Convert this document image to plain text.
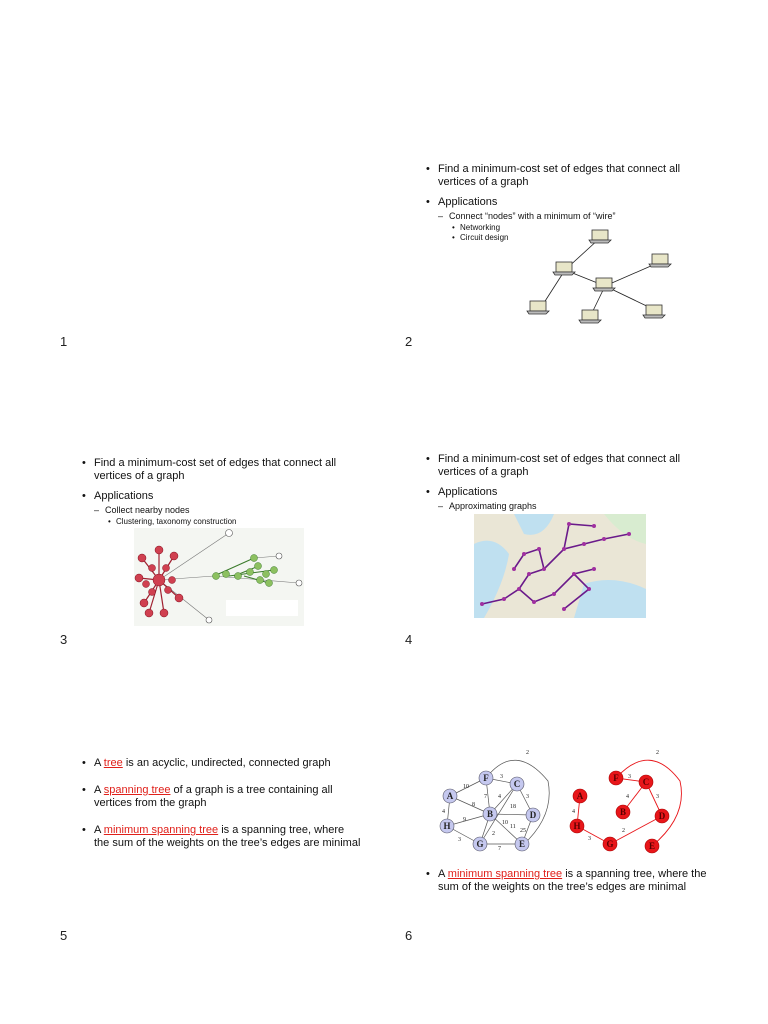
1
• Find a minimum-cost set of edges that connect all vertices of a graph
• Applications
– Connect “nodes” with a minimum of “wire”
• Networking
• Circuit design
2
• Find a minimum-cost set of edges that connect all vertices of a graph
• Applications
– Collect nearby nodes
• Clustering, taxonomy construction
3
• Find a minimum-cost set of edges that connect all vertices of a graph
• Applications
– Approximating graphs
4
• A tree is an acyclic, undirected, connected graph
• A spanning tree of a graph is a tree containing all vertices from the graph
• A minimum spanning tree is a spanning tree, where the sum of the weights on the tree’s edges are minimal
5
2
10
3
7 4	3
8	18
4
9	10
2	25
3
7
11
A
B
C
D
E
F
G
H
2
3
4	3
4
2
3
A
B
C
D
E
F
G
H
• A minimum spanning tree is a spanning tree, where the sum of the weights on the tree’s edges are minimal
6
